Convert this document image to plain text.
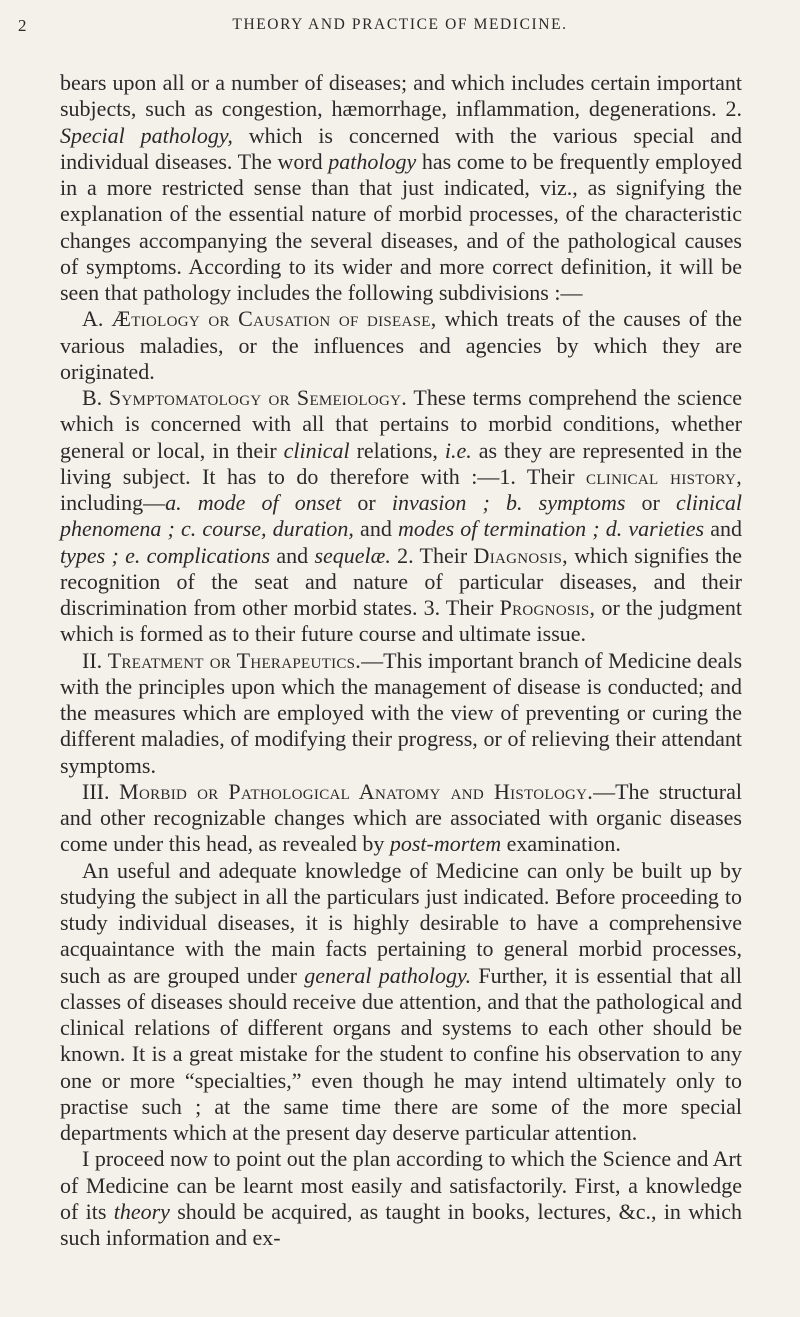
2	THEORY AND PRACTICE OF MEDICINE.

bears upon all or a number of diseases; and which includes certain important subjects, such as congestion, hæmorrhage, inflammation, degenerations. 2. Special pathology, which is concerned with the various special and individual diseases. The word pathology has come to be frequently employed in a more restricted sense than that just indicated, viz., as signifying the explanation of the essential nature of morbid processes, of the characteristic changes accompanying the several diseases, and of the pathological causes of symptoms. According to its wider and more correct definition, it will be seen that pathology includes the following subdivisions :—

A. Ætiology or Causation of disease, which treats of the causes of the various maladies, or the influences and agencies by which they are originated.

B. Symptomatology or Semeiology. These terms comprehend the science which is concerned with all that pertains to morbid conditions, whether general or local, in their clinical relations, i.e. as they are represented in the living subject. It has to do therefore with :—1. Their clinical history, including—a. mode of onset or invasion ; b. symptoms or clinical phenomena ; c. course, duration, and modes of termination ; d. varieties and types ; e. complications and sequelæ. 2. Their Diagnosis, which signifies the recognition of the seat and nature of particular diseases, and their discrimination from other morbid states. 3. Their Prognosis, or the judgment which is formed as to their future course and ultimate issue.

II. Treatment or Therapeutics.—This important branch of Medicine deals with the principles upon which the management of disease is conducted; and the measures which are employed with the view of preventing or curing the different maladies, of modifying their progress, or of relieving their attendant symptoms.

III. Morbid or Pathological Anatomy and Histology.—The structural and other recognizable changes which are associated with organic diseases come under this head, as revealed by post-mortem examination.

An useful and adequate knowledge of Medicine can only be built up by studying the subject in all the particulars just indicated. Before proceeding to study individual diseases, it is highly desirable to have a comprehensive acquaintance with the main facts pertaining to general morbid processes, such as are grouped under general pathology. Further, it is essential that all classes of diseases should receive due attention, and that the pathological and clinical relations of different organs and systems to each other should be known. It is a great mistake for the student to confine his observation to any one or more “specialties,” even though he may intend ultimately only to practise such ; at the same time there are some of the more special departments which at the present day deserve particular attention.

I proceed now to point out the plan according to which the Science and Art of Medicine can be learnt most easily and satisfactorily. First, a knowledge of its theory should be acquired, as taught in books, lectures, &c., in which such information and ex-
